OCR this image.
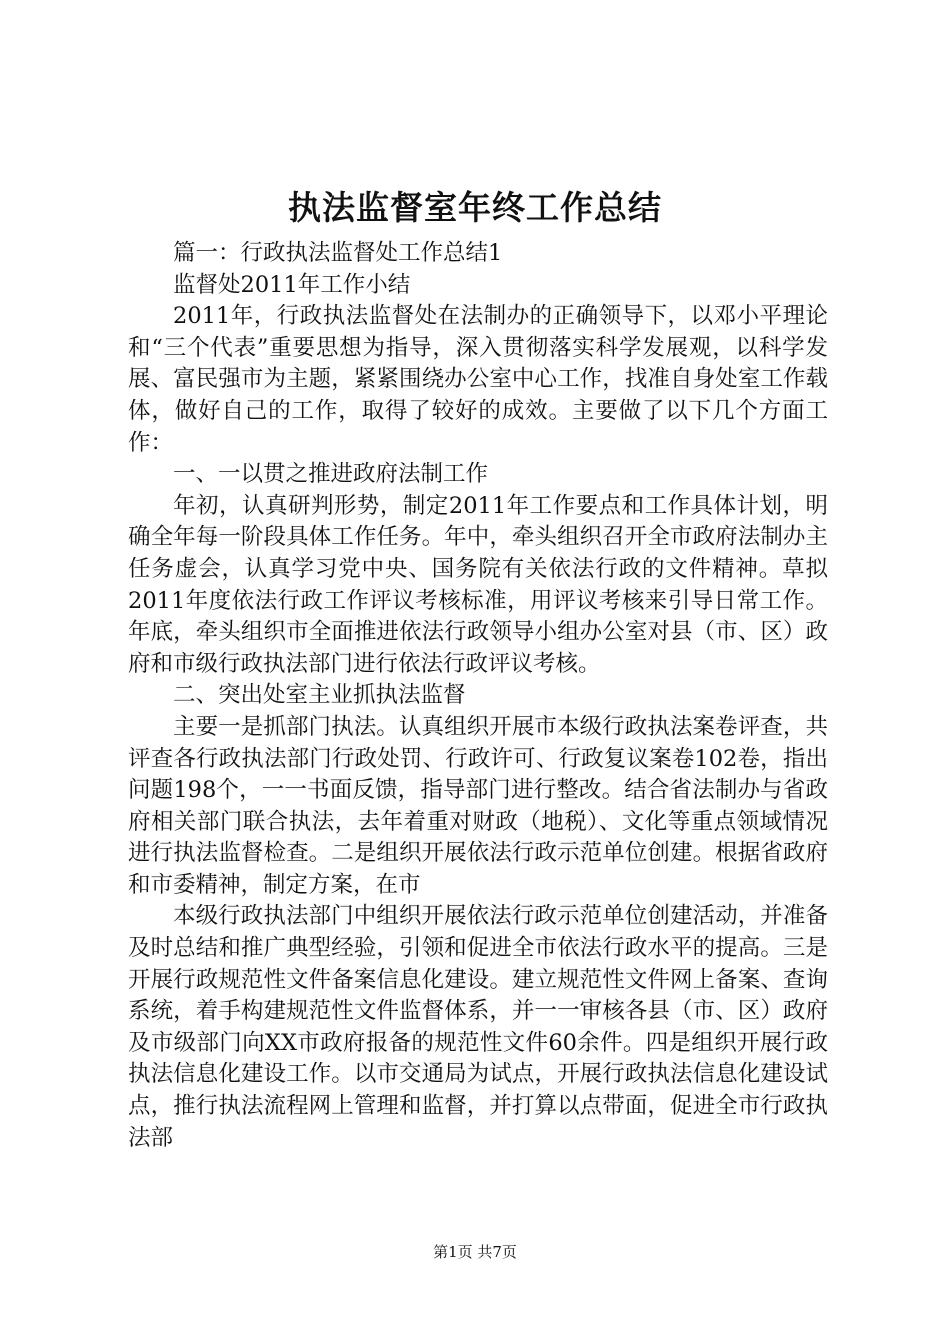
执法监督室年终工作总结

篇一：行政执法监督处工作总结1

监督处2011年工作小结

2011年，行政执法监督处在法制办的正确领导下，以邓小平理论和“三个代表”重要思想为指导，深入贯彻落实科学发展观，以科学发展、富民强市为主题，紧紧围绕办公室中心工作，找准自身处室工作载体，做好自己的工作，取得了较好的成效。主要做了以下几个方面工作：

一、一以贯之推进政府法制工作

年初，认真研判形势，制定2011年工作要点和工作具体计划，明确全年每一阶段具体工作任务。年中，牵头组织召开全市政府法制办主任务虚会，认真学习党中央、国务院有关依法行政的文件精神。草拟2011年度依法行政工作评议考核标准，用评议考核来引导日常工作。年底，牵头组织市全面推进依法行政领导小组办公室对县（市、区）政府和市级行政执法部门进行依法行政评议考核。

二、突出处室主业抓执法监督

主要一是抓部门执法。认真组织开展市本级行政执法案卷评查，共评查各行政执法部门行政处罚、行政许可、行政复议案卷102卷，指出问题198个，一一书面反馈，指导部门进行整改。结合省法制办与省政府相关部门联合执法，去年着重对财政（地税）、文化等重点领域情况进行执法监督检查。二是组织开展依法行政示范单位创建。根据省政府和市委精神，制定方案，在市

本级行政执法部门中组织开展依法行政示范单位创建活动，并准备及时总结和推广典型经验，引领和促进全市依法行政水平的提高。三是开展行政规范性文件备案信息化建设。建立规范性文件网上备案、查询系统，着手构建规范性文件监督体系，并一一审核各县（市、区）政府及市级部门向XX市政府报备的规范性文件60余件。四是组织开展行政执法信息化建设工作。以市交通局为试点，开展行政执法信息化建设试点，推行执法流程网上管理和监督，并打算以点带面，促进全市行政执法部

第1页 共7页
